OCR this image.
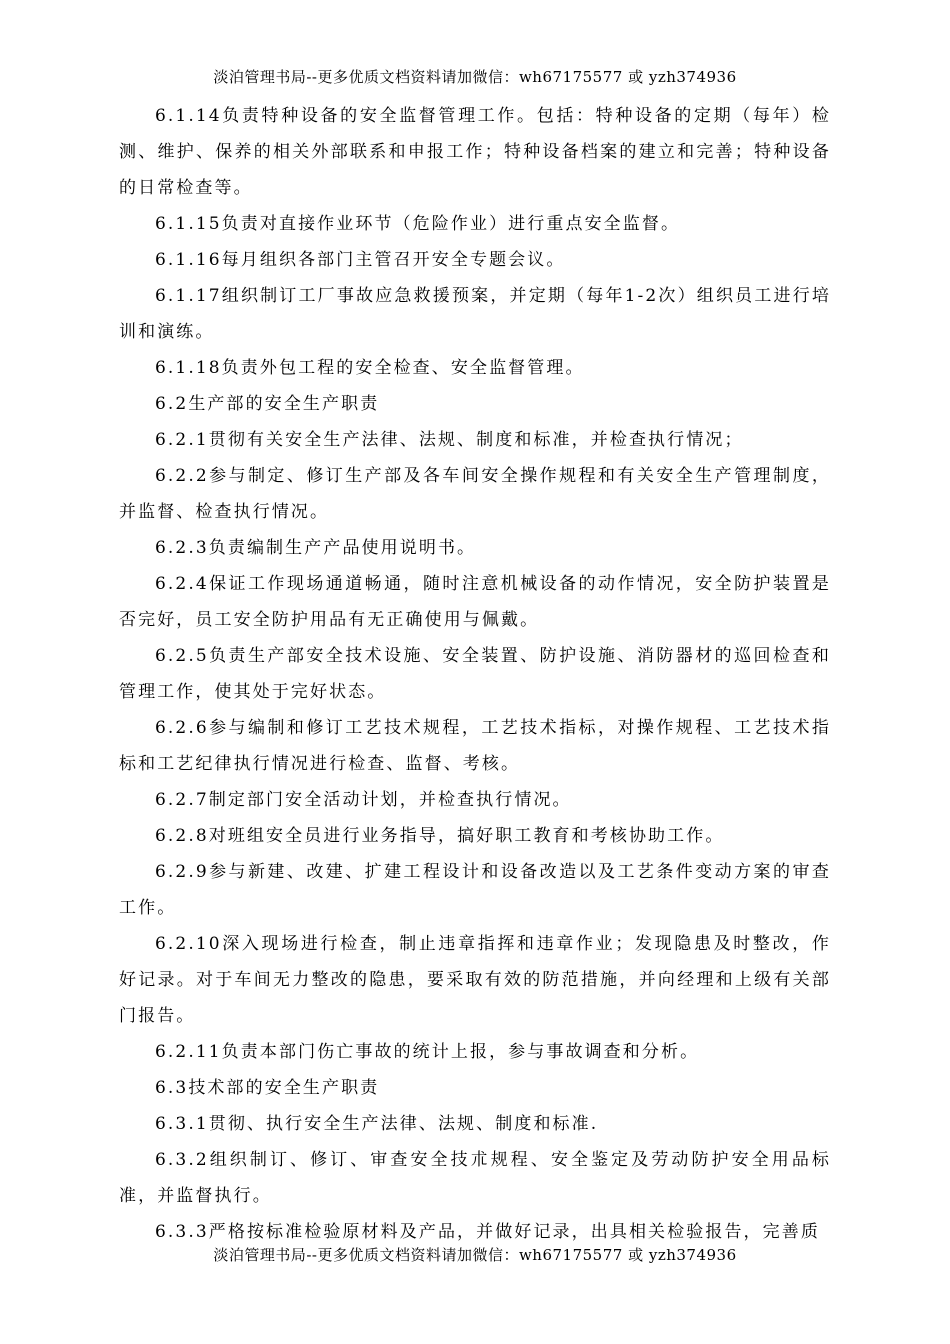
淡泊管理书局--更多优质文档资料请加微信：wh67175577 或 yzh374936

6.1.14负责特种设备的安全监督管理工作。包括：特种设备的定期（每年）检测、维护、保养的相关外部联系和申报工作；特种设备档案的建立和完善；特种设备的日常检查等。

6.1.15负责对直接作业环节（危险作业）进行重点安全监督。

6.1.16每月组织各部门主管召开安全专题会议。

6.1.17组织制订工厂事故应急救援预案，并定期（每年1-2次）组织员工进行培训和演练。

6.1.18负责外包工程的安全检查、安全监督管理。

6.2生产部的安全生产职责

6.2.1贯彻有关安全生产法律、法规、制度和标准，并检查执行情况；

6.2.2参与制定、修订生产部及各车间安全操作规程和有关安全生产管理制度，并监督、检查执行情况。

6.2.3负责编制生产产品使用说明书。

6.2.4保证工作现场通道畅通，随时注意机械设备的动作情况，安全防护装置是否完好，员工安全防护用品有无正确使用与佩戴。

6.2.5负责生产部安全技术设施、安全装置、防护设施、消防器材的巡回检查和管理工作，使其处于完好状态。

6.2.6参与编制和修订工艺技术规程，工艺技术指标，对操作规程、工艺技术指标和工艺纪律执行情况进行检查、监督、考核。

6.2.7制定部门安全活动计划，并检查执行情况。

6.2.8对班组安全员进行业务指导，搞好职工教育和考核协助工作。

6.2.9参与新建、改建、扩建工程设计和设备改造以及工艺条件变动方案的审查工作。

6.2.10深入现场进行检查，制止违章指挥和违章作业；发现隐患及时整改，作好记录。对于车间无力整改的隐患，要采取有效的防范措施，并向经理和上级有关部门报告。

6.2.11负责本部门伤亡事故的统计上报，参与事故调查和分析。

6.3技术部的安全生产职责

6.3.1贯彻、执行安全生产法律、法规、制度和标准.

6.3.2组织制订、修订、审查安全技朮规程、安全鉴定及劳动防护安全用品标准，并监督执行。

6.3.3严格按标准检验原材料及产品，并做好记录，出具相关检验报告，完善质

淡泊管理书局--更多优质文档资料请加微信：wh67175577 或 yzh374936
